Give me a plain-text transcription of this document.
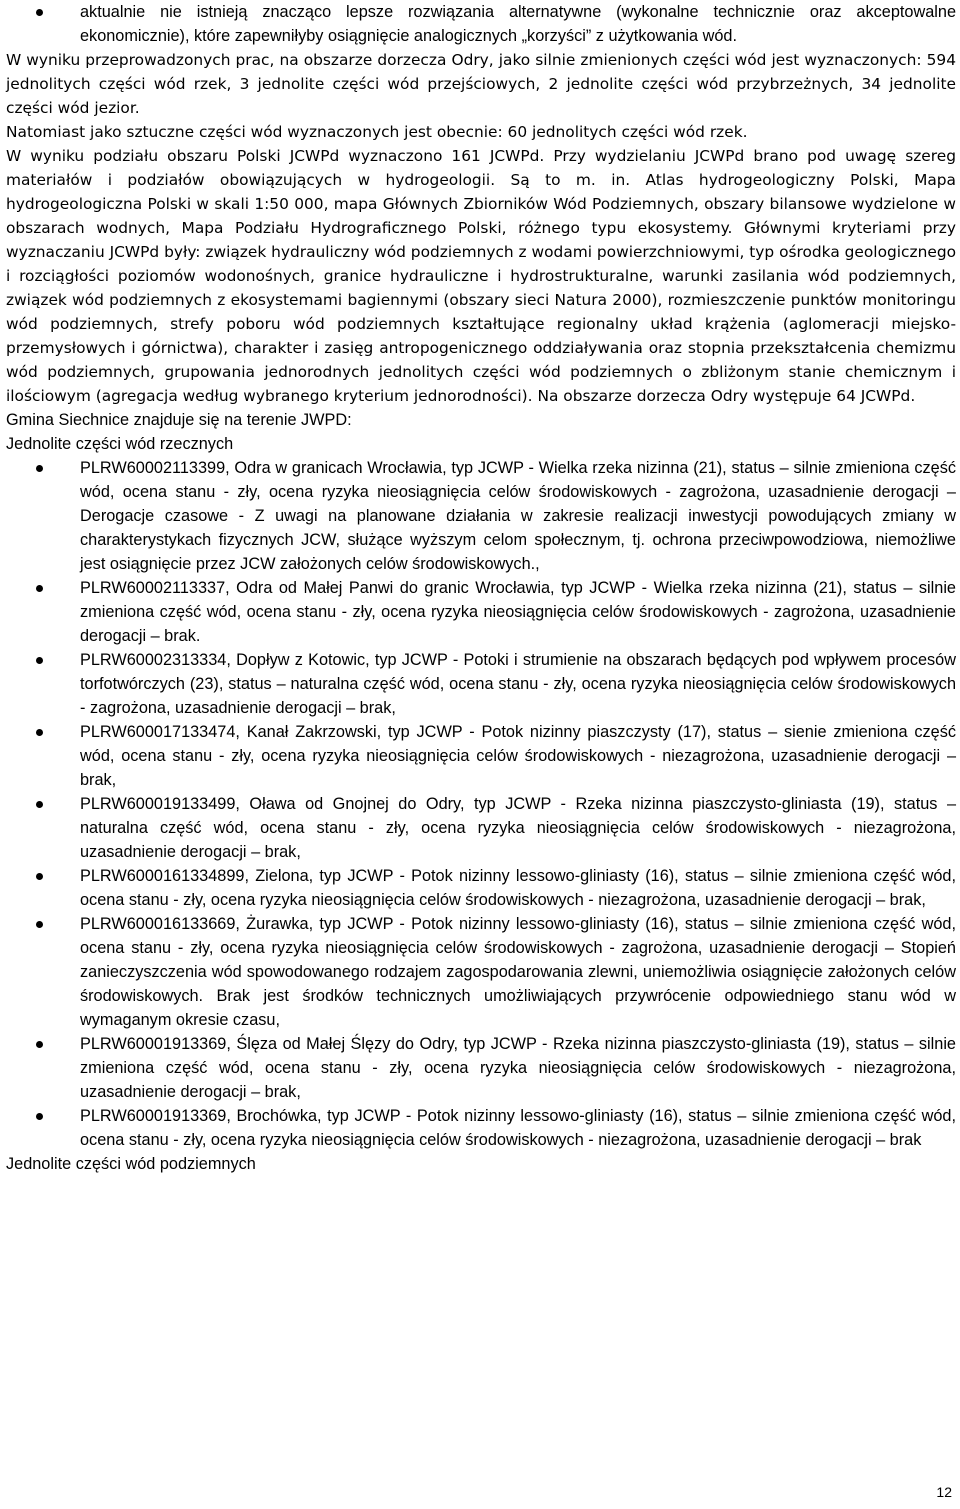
aktualnie nie istnieją znacząco lepsze rozwiązania alternatywne (wykonalne technicznie oraz akceptowalne ekonomicznie), które zapewniłyby osiągnięcie analogicznych „korzyści” z użytkowania wód.

W wyniku przeprowadzonych prac, na obszarze dorzecza Odry, jako silnie zmienionych części wód jest wyznaczonych: 594 jednolitych części wód rzek, 3 jednolite części wód przejściowych, 2 jednolite części wód przybrzeżnych, 34 jednolite części wód jezior.

Natomiast jako sztuczne części wód wyznaczonych jest obecnie: 60 jednolitych części wód rzek.

W wyniku podziału obszaru Polski JCWPd wyznaczono 161 JCWPd. Przy wydzielaniu JCWPd brano pod uwagę szereg materiałów i podziałów obowiązujących w hydrogeologii. Są to m. in. Atlas hydrogeologiczny Polski, Mapa hydrogeologiczna Polski w skali 1:50 000, mapa Głównych Zbiorników Wód Podziemnych, obszary bilansowe wydzielone w obszarach wodnych, Mapa Podziału Hydrograficznego Polski, różnego typu ekosystemy. Głównymi kryteriami przy wyznaczaniu JCWPd były: związek hydrauliczny wód podziemnych z wodami powierzchniowymi, typ ośrodka geologicznego i rozciągłości poziomów wodonośnych, granice hydrauliczne i hydrostrukturalne, warunki zasilania wód podziemnych, związek wód podziemnych z ekosystemami bagiennymi (obszary sieci Natura 2000), rozmieszczenie punktów monitoringu wód podziemnych, strefy poboru wód podziemnych kształtujące regionalny układ krążenia (aglomeracji miejsko-przemysłowych i górnictwa), charakter i zasięg antropogenicznego oddziaływania oraz stopnia przekształcenia chemizmu wód podziemnych, grupowania jednorodnych jednolitych części wód podziemnych o zbliżonym stanie chemicznym i ilościowym (agregacja według wybranego kryterium jednorodności). Na obszarze dorzecza Odry występuje 64 JCWPd.

Gmina Siechnice znajduje się na terenie JWPD:

Jednolite części wód rzecznych

PLRW60002113399, Odra w granicach Wrocławia, typ JCWP - Wielka rzeka nizinna (21), status – silnie zmieniona część wód, ocena stanu - zły, ocena ryzyka nieosiągnięcia celów środowiskowych - zagrożona, uzasadnienie derogacji – Derogacje czasowe - Z uwagi na planowane działania w zakresie realizacji inwestycji powodujących zmiany w charakterystykach fizycznych JCW, służące wyższym celom społecznym, tj. ochrona przeciwpowodziowa, niemożliwe jest osiągnięcie przez JCW założonych celów środowiskowych.,

PLRW60002113337, Odra od Małej Panwi do granic Wrocławia, typ JCWP - Wielka rzeka nizinna (21), status – silnie zmieniona część wód, ocena stanu - zły, ocena ryzyka nieosiągnięcia celów środowiskowych - zagrożona, uzasadnienie derogacji – brak.

PLRW60002313334, Dopływ z Kotowic, typ JCWP - Potoki i strumienie na obszarach będących pod wpływem procesów torfotwórczych (23), status – naturalna część wód, ocena stanu - zły, ocena ryzyka nieosiągnięcia celów środowiskowych - zagrożona, uzasadnienie derogacji – brak,

PLRW600017133474, Kanał Zakrzowski, typ JCWP - Potok nizinny piaszczysty (17), status – sienie zmieniona część wód, ocena stanu - zły, ocena ryzyka nieosiągnięcia celów środowiskowych - niezagrożona, uzasadnienie derogacji – brak,

PLRW600019133499, Oława od Gnojnej do Odry, typ JCWP - Rzeka nizinna piaszczysto-gliniasta (19), status – naturalna część wód, ocena stanu - zły, ocena ryzyka nieosiągnięcia celów środowiskowych - niezagrożona, uzasadnienie derogacji – brak,

PLRW6000161334899, Zielona, typ JCWP - Potok nizinny lessowo-gliniasty (16), status – silnie zmieniona część wód, ocena stanu - zły, ocena ryzyka nieosiągnięcia celów środowiskowych - niezagrożona, uzasadnienie derogacji – brak,

PLRW600016133669, Żurawka, typ JCWP - Potok nizinny lessowo-gliniasty (16), status – silnie zmieniona część wód, ocena stanu - zły, ocena ryzyka nieosiągnięcia celów środowiskowych - zagrożona, uzasadnienie derogacji – Stopień zanieczyszczenia wód spowodowanego rodzajem zagospodarowania zlewni, uniemożliwia osiągnięcie założonych celów środowiskowych. Brak jest środków technicznych umożliwiających przywrócenie odpowiedniego stanu wód w wymaganym okresie czasu,

PLRW60001913369, Ślęza od Małej Ślęzy do Odry, typ JCWP - Rzeka nizinna piaszczysto-gliniasta (19), status – silnie zmieniona część wód, ocena stanu - zły, ocena ryzyka nieosiągnięcia celów środowiskowych - niezagrożona, uzasadnienie derogacji – brak,

PLRW60001913369, Brochówka, typ JCWP - Potok nizinny lessowo-gliniasty (16), status – silnie zmieniona część wód, ocena stanu - zły, ocena ryzyka nieosiągnięcia celów środowiskowych - niezagrożona, uzasadnienie derogacji – brak

Jednolite części wód podziemnych

12
